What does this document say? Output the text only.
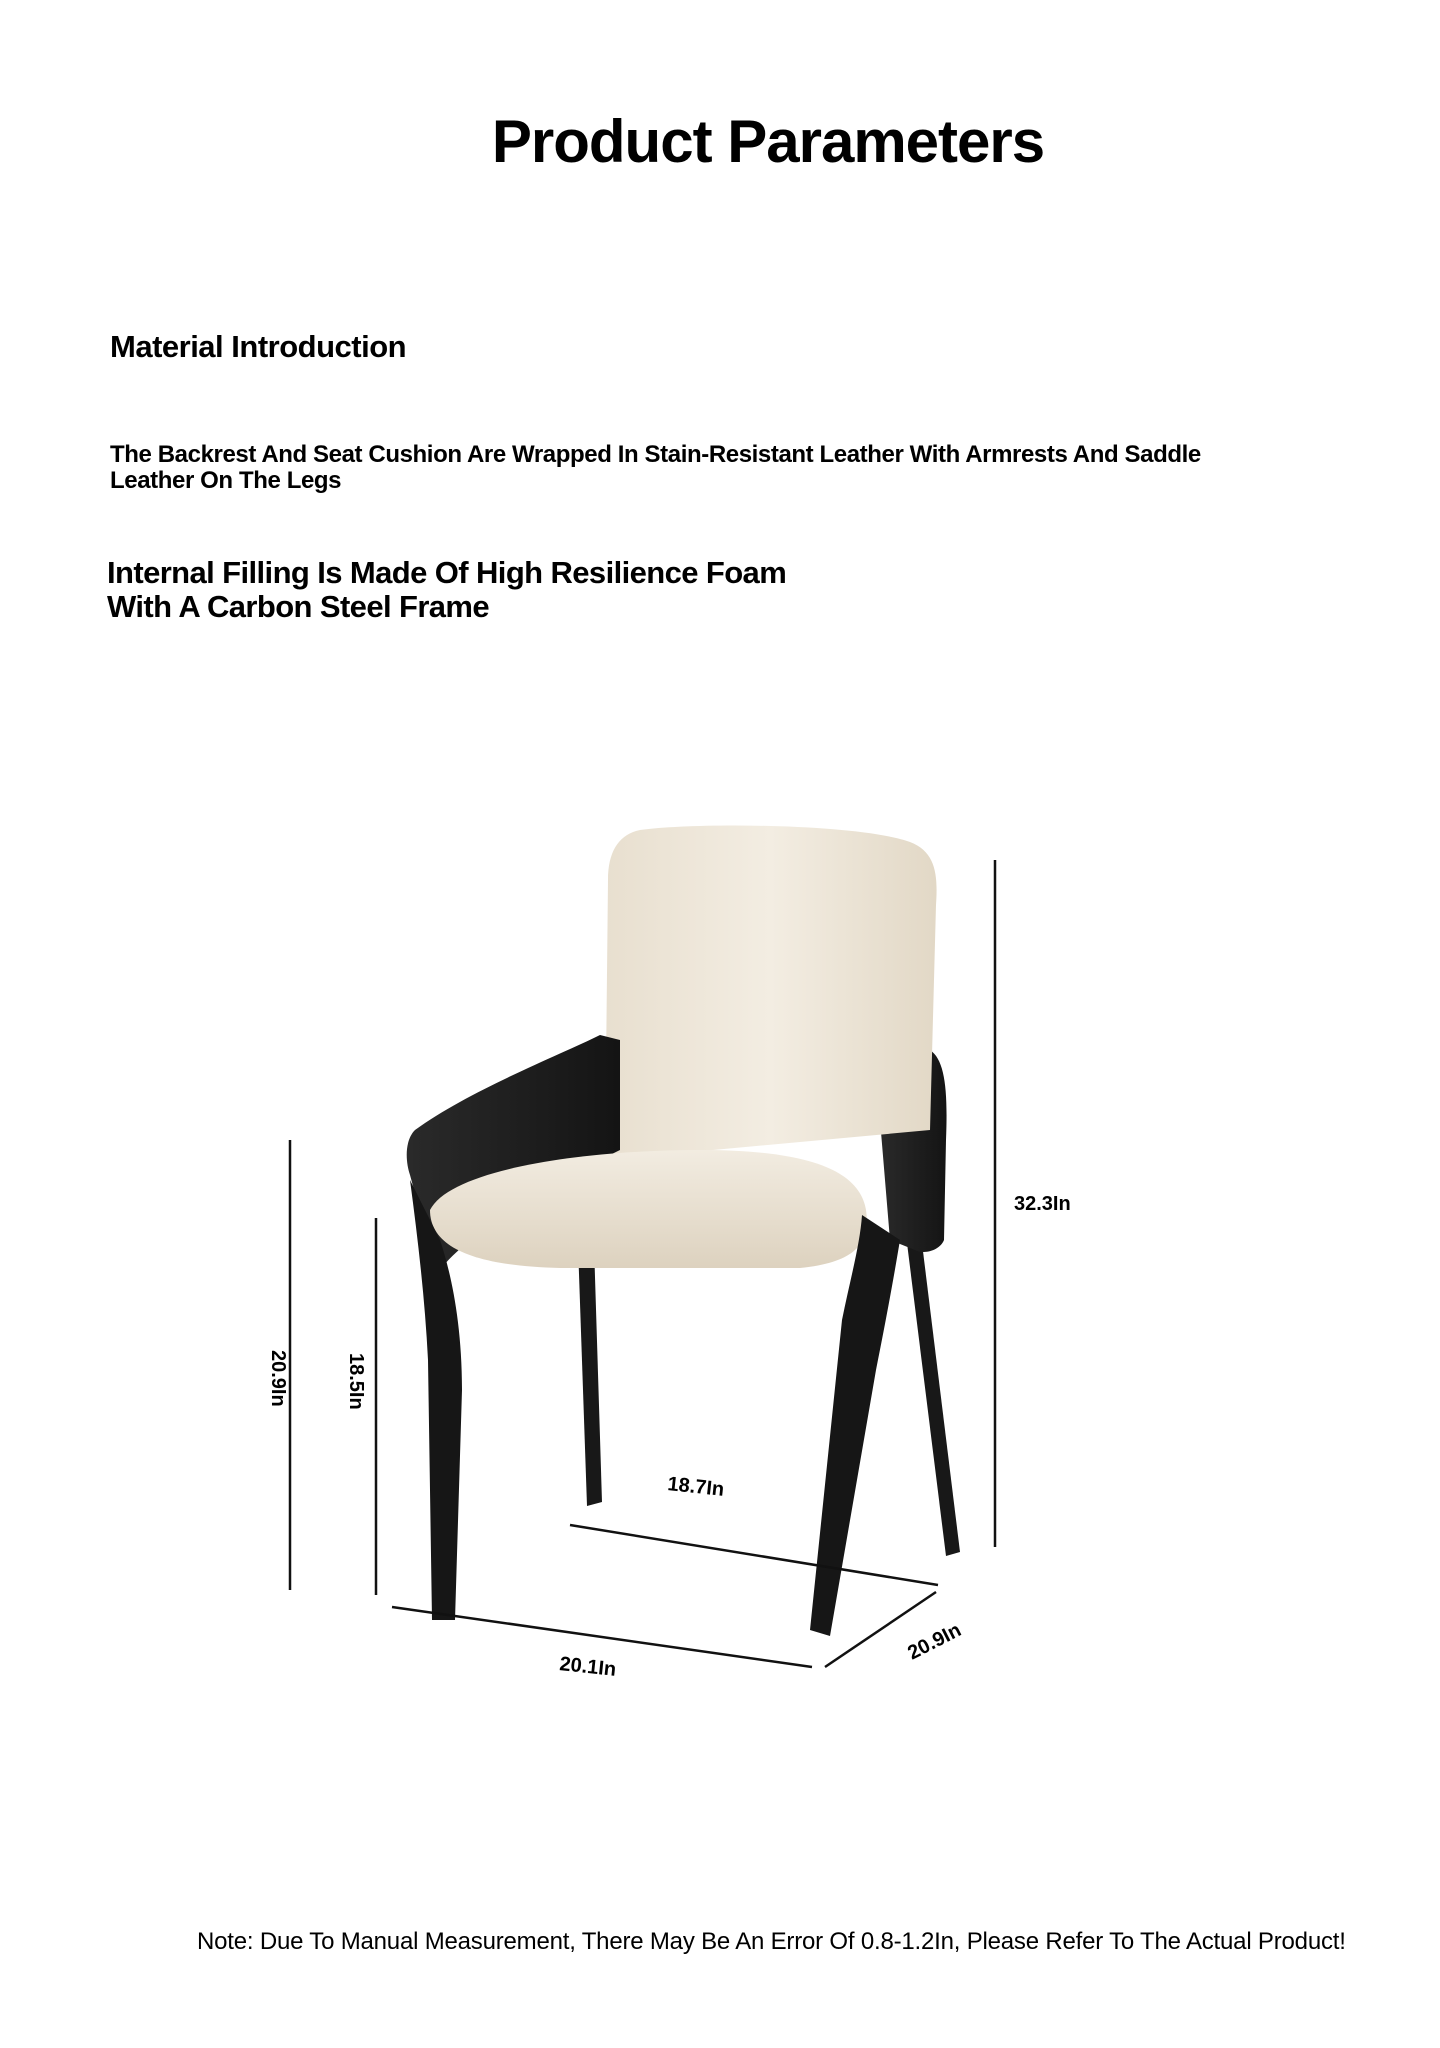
Product Parameters
Material Introduction
The Backrest And Seat Cushion Are Wrapped In Stain-Resistant Leather With Armrests And Saddle Leather On The Legs
Internal Filling Is Made Of High Resilience Foam
With A Carbon Steel Frame
32.3In
20.9In	18.5In
18.7In
20.1In
20.9In
Note: Due To Manual Measurement, There May Be An Error Of 0.8-1.2In, Please Refer To The Actual Product!
